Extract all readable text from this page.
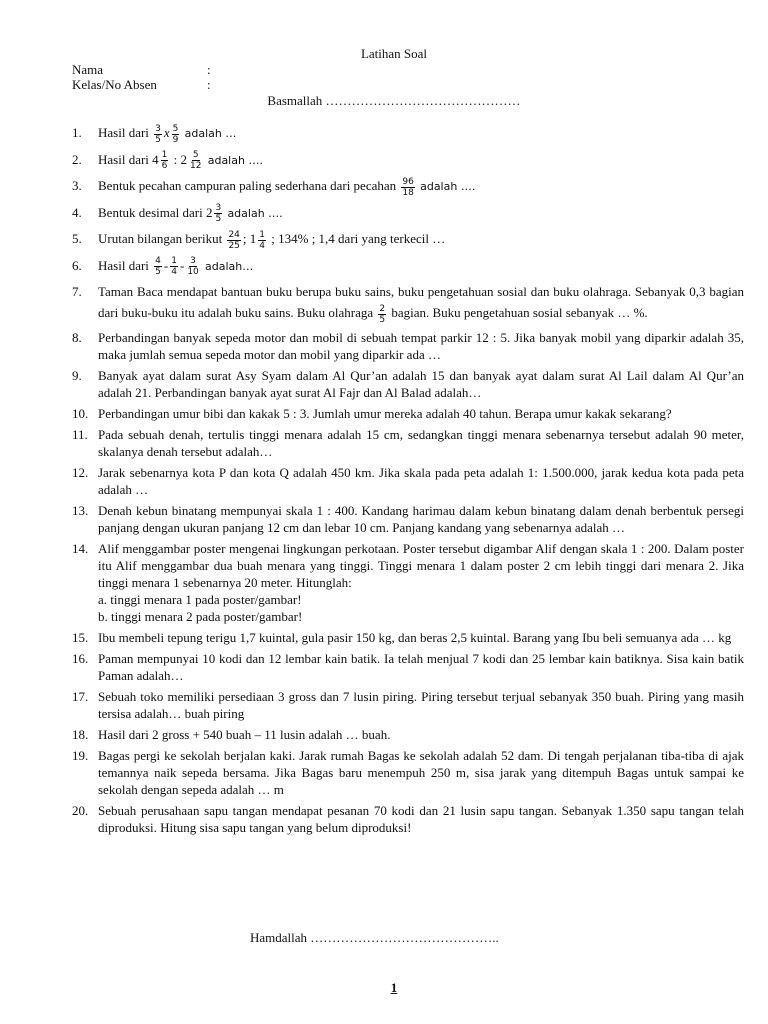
Latihan Soal
Nama	:
Kelas/No Absen	:
Basmallah ………………………………………
1. Hasil dari $\frac{3}{5}$ x $\frac{5}{9}$ adalah …
2. Hasil dari $4 \frac{1}{6}$ : $2 \frac{5}{12}$ adalah ….
3. Bentuk pecahan campuran paling sederhana dari pecahan $\frac{96}{18}$ adalah ….
4. Bentuk desimal dari $2 \frac{3}{5}$ adalah ….
5. Urutan bilangan berikut $\frac{24}{25}$ ; $1 \frac{1}{4}$ ; 134% ; 1,4 dari yang terkecil …
6. Hasil dari $\frac{4}{5} - \frac{1}{4} - \frac{3}{10}$ adalah…
7. Taman Baca mendapat bantuan buku berupa buku sains, buku pengetahuan sosial dan buku olahraga. Sebanyak 0,3 bagian dari buku-buku itu adalah buku sains. Buku olahraga $\frac{2}{5}$ bagian. Buku pengetahuan sosial sebanyak … %.
8. Perbandingan banyak sepeda motor dan mobil di sebuah tempat parkir 12 : 5. Jika banyak mobil yang diparkir adalah 35, maka jumlah semua sepeda motor dan mobil yang diparkir ada …
9. Banyak ayat dalam surat Asy Syam dalam Al Qur’an adalah 15 dan banyak ayat dalam surat Al Lail dalam Al Qur’an adalah 21. Perbandingan banyak ayat surat Al Fajr dan Al Balad adalah…
10. Perbandingan umur bibi dan kakak 5 : 3. Jumlah umur mereka adalah 40 tahun. Berapa umur kakak sekarang?
11. Pada sebuah denah, tertulis tinggi menara adalah 15 cm, sedangkan tinggi menara sebenarnya tersebut adalah 90 meter, skalanya denah tersebut adalah…
12. Jarak sebenarnya kota P dan kota Q adalah 450 km. Jika skala pada peta adalah 1: 1.500.000, jarak kedua kota pada peta adalah …
13. Denah kebun binatang mempunyai skala 1 : 400. Kandang harimau dalam kebun binatang dalam denah berbentuk persegi panjang dengan ukuran panjang 12 cm dan lebar 10 cm. Panjang kandang yang sebenarnya adalah …
14. Alif menggambar poster mengenai lingkungan perkotaan. Poster tersebut digambar Alif dengan skala 1 : 200. Dalam poster itu Alif menggambar dua buah menara yang tinggi. Tinggi menara 1 dalam poster 2 cm lebih tinggi dari menara 2. Jika tinggi menara 1 sebenarnya 20 meter. Hitunglah:
a. tinggi menara 1 pada poster/gambar!
b. tinggi menara 2 pada poster/gambar!
15. Ibu membeli tepung terigu 1,7 kuintal, gula pasir 150 kg, dan beras 2,5 kuintal. Barang yang Ibu beli semuanya ada … kg
16. Paman mempunyai 10 kodi dan 12 lembar kain batik. Ia telah menjual 7 kodi dan 25 lembar kain batiknya. Sisa kain batik Paman adalah…
17. Sebuah toko memiliki persediaan 3 gross dan 7 lusin piring. Piring tersebut terjual sebanyak 350 buah. Piring yang masih tersisa adalah… buah piring
18. Hasil dari 2 gross + 540 buah – 11 lusin adalah … buah.
19. Bagas pergi ke sekolah berjalan kaki. Jarak rumah Bagas ke sekolah adalah 52 dam. Di tengah perjalanan tiba-tiba di ajak temannya naik sepeda bersama. Jika Bagas baru menempuh 250 m, sisa jarak yang ditempuh Bagas untuk sampai ke sekolah dengan sepeda adalah … m
20. Sebuah perusahaan sapu tangan mendapat pesanan 70 kodi dan 21 lusin sapu tangan. Sebanyak 1.350 sapu tangan telah diproduksi. Hitung sisa sapu tangan yang belum diproduksi!
Hamdallah ……………………………………..
1
